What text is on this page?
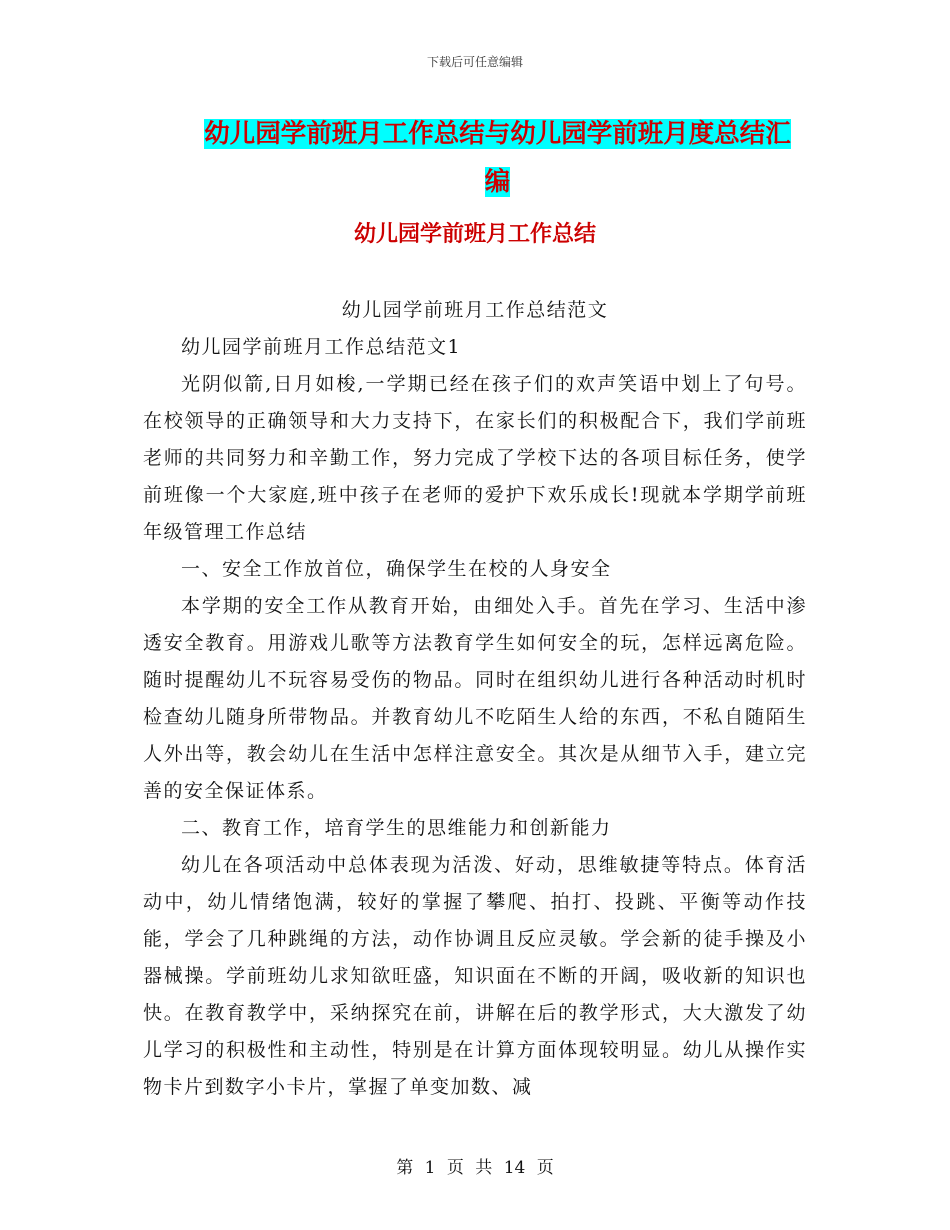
下载后可任意编辑
幼儿园学前班月工作总结与幼儿园学前班月度总结汇
编
幼儿园学前班月工作总结

幼儿园学前班月工作总结范文

幼儿园学前班月工作总结范文1

光阴似箭,日月如梭,一学期已经在孩子们的欢声笑语中划上了句号。在校领导的正确领导和大力支持下，在家长们的积极配合下，我们学前班老师的共同努力和辛勤工作，努力完成了学校下达的各项目标任务，使学前班像一个大家庭,班中孩子在老师的爱护下欢乐成长!现就本学期学前班年级管理工作总结

一、安全工作放首位，确保学生在校的人身安全

本学期的安全工作从教育开始，由细处入手。首先在学习、生活中渗透安全教育。用游戏儿歌等方法教育学生如何安全的玩，怎样远离危险。随时提醒幼儿不玩容易受伤的物品。同时在组织幼儿进行各种活动时机时检查幼儿随身所带物品。并教育幼儿不吃陌生人给的东西，不私自随陌生人外出等，教会幼儿在生活中怎样注意安全。其次是从细节入手，建立完善的安全保证体系。

二、教育工作，培育学生的思维能力和创新能力

幼儿在各项活动中总体表现为活泼、好动，思维敏捷等特点。体育活动中，幼儿情绪饱满，较好的掌握了攀爬、拍打、投跳、平衡等动作技能，学会了几种跳绳的方法，动作协调且反应灵敏。学会新的徒手操及小器械操。学前班幼儿求知欲旺盛，知识面在不断的开阔，吸收新的知识也快。在教育教学中，采纳探究在前，讲解在后的教学形式，大大激发了幼儿学习的积极性和主动性，特别是在计算方面体现较明显。幼儿从操作实物卡片到数字小卡片，掌握了单变加数、减

第 1 页 共 14 页
